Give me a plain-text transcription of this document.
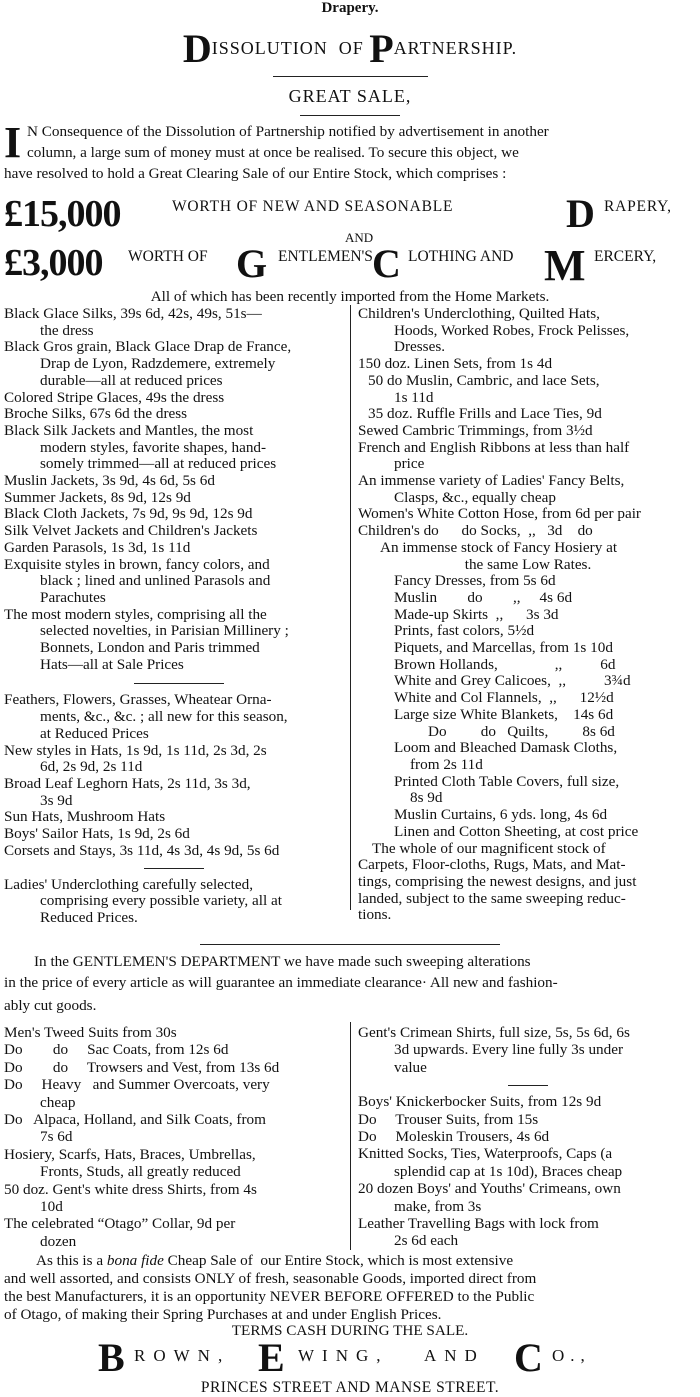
Drapery.
DISSOLUTION  OF PARTNERSHIP.
GREAT SALE,
I N Consequence of the Dissolution of Partnership notified by advertisement in another
column, a large sum of money must at once be realised. To secure this object, we
have resolved to hold a Great Clearing Sale of our Entire Stock, which comprises :
£15,000	WORTH OF NEW AND SEASONABLE	D RAPERY,
AND
£3,000 WORTH OF G ENTLEMEN'S
C LOTHING AND M ERCERY,
All of which has been recently imported from the Home Markets.

Black Glace Silks, 39s 6d, 42s, 49s, 51s—

the dress

Black Gros grain, Black Glace Drap de France,

Drap de Lyon, Radzdemere, extremely

durable—all at reduced prices

Colored Stripe Glaces, 49s the dress

Broche Silks, 67s 6d the dress

Black Silk Jackets and Mantles, the most

modern styles, favorite shapes, hand-

somely trimmed—all at reduced prices

Muslin Jackets, 3s 9d, 4s 6d, 5s 6d

Summer Jackets, 8s 9d, 12s 9d

Black Cloth Jackets, 7s 9d, 9s 9d, 12s 9d

Silk Velvet Jackets and Children's Jackets

Garden Parasols, 1s 3d, 1s 11d

Exquisite styles in brown, fancy colors, and

black ; lined and unlined Parasols and

Parachutes

The most modern styles, comprising all the

selected novelties, in Parisian Millinery ;

Bonnets, London and Paris trimmed

Hats—all at Sale Prices

Feathers, Flowers, Grasses, Wheatear Orna-

ments, &c., &c. ; all new for this season,

at Reduced Prices

New styles in Hats, 1s 9d, 1s 11d, 2s 3d, 2s

6d, 2s 9d, 2s 11d

Broad Leaf Leghorn Hats, 2s 11d, 3s 3d,

3s 9d

Sun Hats, Mushroom Hats

Boys' Sailor Hats, 1s 9d, 2s 6d

Corsets and Stays, 3s 11d, 4s 3d, 4s 9d, 5s 6d

Ladies' Underclothing carefully selected,

comprising every possible variety, all at

Reduced Prices.

Children's Underclothing, Quilted Hats,

Hoods, Worked Robes, Frock Pelisses,

Dresses.

150 doz. Linen Sets, from 1s 4d

50 do Muslin, Cambric, and lace Sets,

1s 11d

35 doz. Ruffle Frills and Lace Ties, 9d

Sewed Cambric Trimmings, from 3½d

French and English Ribbons at less than half

price

An immense variety of Ladies' Fancy Belts,

Clasps, &c., equally cheap

Women's White Cotton Hose, from 6d per pair

Children's do      do Socks,  ,,   3d    do

An immense stock of Fancy Hosiery at

the same Low Rates.

Fancy Dresses, from 5s 6d

Muslin        do        ,,     4s 6d

Made-up Skirts  ,,      3s 3d

Prints, fast colors, 5½d

Piquets, and Marcellas, from 1s 10d

Brown Hollands,               ,,          6d

White and Grey Calicoes,  ,,          3¾d

White and Col Flannels,  ,,      12½d

Large size White Blankets,    14s 6d

Do         do   Quilts,         8s 6d

Loom and Bleached Damask Cloths,

from 2s 11d

Printed Cloth Table Covers, full size,

8s 9d

Muslin Curtains, 6 yds. long, 4s 6d

Linen and Cotton Sheeting, at cost price

The whole of our magnificent stock of

Carpets, Floor-cloths, Rugs, Mats, and Mat-

tings, comprising the newest designs, and just

landed, subject to the same sweeping reduc-

tions.

In the GENTLEMEN'S DEPARTMENT we have made such sweeping alterations
in the price of every article as will guarantee an immediate clearance· All new and fashion-
ably cut goods.

Men's Tweed Suits from 30s

Do        do     Sac Coats, from 12s 6d

Do        do     Trowsers and Vest, from 13s 6d

Do     Heavy   and Summer Overcoats, very

cheap

Do   Alpaca, Holland, and Silk Coats, from

7s 6d

Hosiery, Scarfs, Hats, Braces, Umbrellas,

Fronts, Studs, all greatly reduced

50 doz. Gent's white dress Shirts, from 4s

10d

The celebrated “Otago” Collar, 9d per

dozen

Gent's Crimean Shirts, full size, 5s, 5s 6d, 6s

3d upwards. Every line fully 3s under

value

Boys' Knickerbocker Suits, from 12s 9d

Do     Trouser Suits, from 15s

Do     Moleskin Trousers, 4s 6d

Knitted Socks, Ties, Waterproofs, Caps (a

splendid cap at 1s 10d), Braces cheap

20 dozen Boys' and Youths' Crimeans, own

make, from 3s

Leather Travelling Bags with lock from

2s 6d each

As this is a bona fide Cheap Sale of  our Entire Stock, which is most extensive
and well assorted, and consists ONLY of fresh, seasonable Goods, imported direct from
the best Manufacturers, it is an opportunity NEVER BEFORE OFFERED to the Public
of Otago, of making their Spring Purchases at and under English Prices.
TERMS CASH DURING THE SALE.
B ROWN, E WING, AND C O.,
PRINCES STREET AND MANSE STREET.
